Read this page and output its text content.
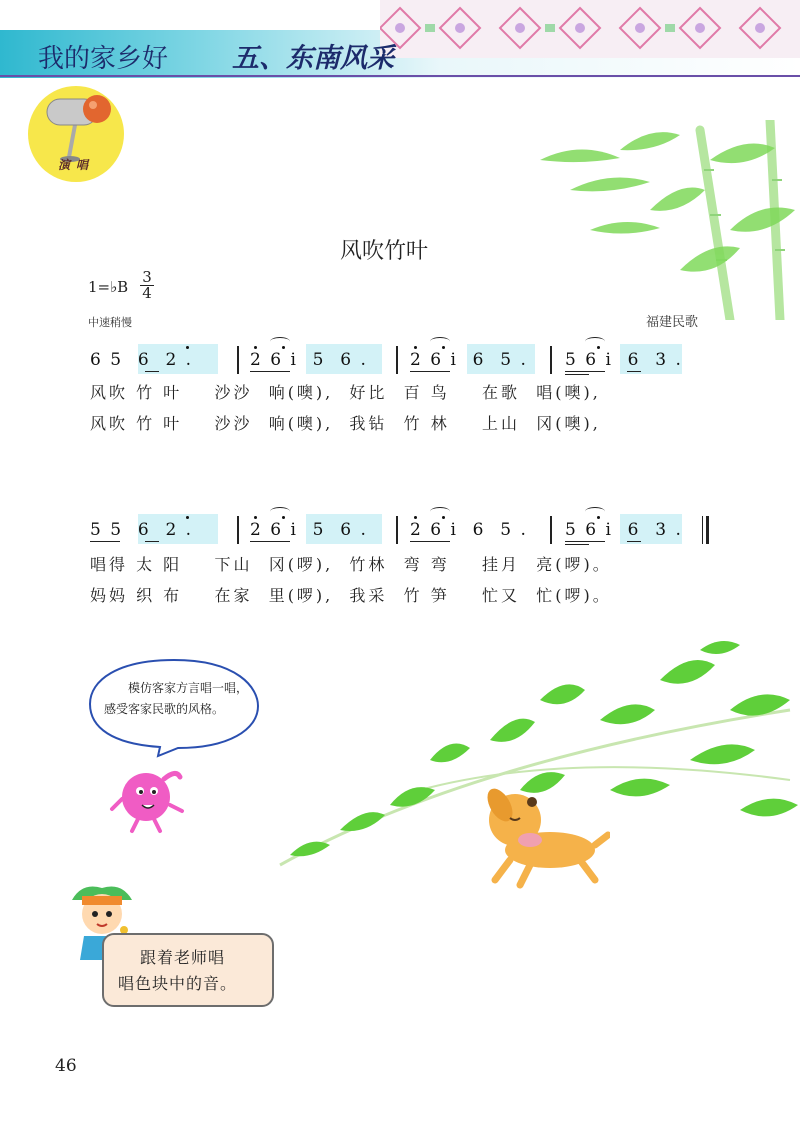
我的家乡好 五、东南风采
演唱
风吹竹叶
1=♭B
3
4
中速稍慢	福建民歌
6 5  6  2 .	2 6 i  5  6 . 2 6 i  6  5 . 5 6 i  6  3 .
风吹 竹 叶    沙沙  响(噢),  好比  百 鸟    在歌  唱(噢),
风吹 竹 叶    沙沙  响(噢),  我钻  竹 林    上山  冈(噢),
5 5  6  2 .	2 6 i  5  6 . 2 6 i  6  5 . 5 6 i  6  3 .
唱得 太 阳    下山  冈(啰),  竹林  弯 弯    挂月  亮(啰)。
妈妈 织 布    在家  里(啰),  我采  竹 笋    忙又  忙(啰)。
　　模仿客家方言唱一唱，感受客家民歌的风格。
跟着老师唱
唱色块中的音。
46
